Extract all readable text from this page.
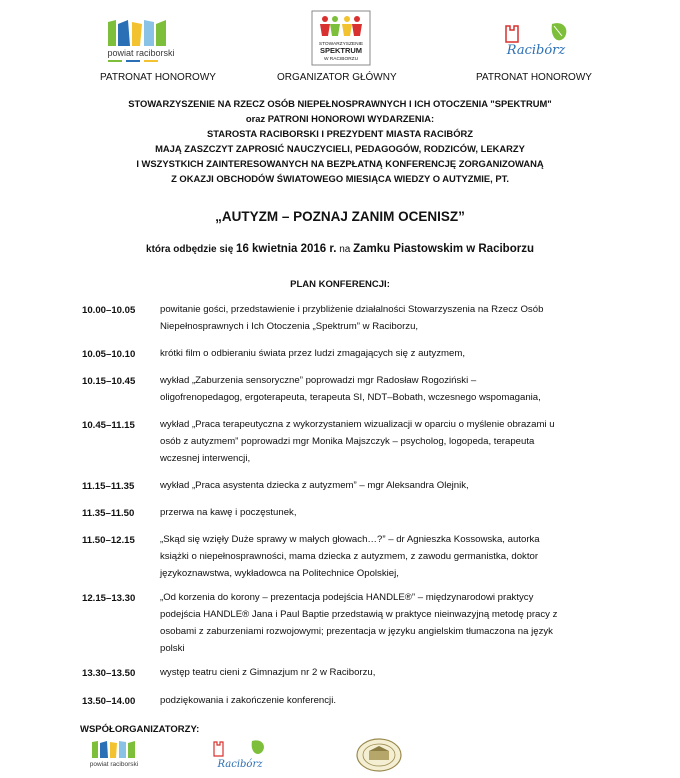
powiat raciborski
STOWARZYSZENIE
SPEKTRUM
W RACIBORZU
Racibórz
PATRONAT HONOROWY	ORGANIZATOR GŁÓWNY	PATRONAT HONOROWY
STOWARZYSZENIE NA RZECZ OSÓB NIEPEŁNOSPRAWNYCH I ICH OTOCZENIA "SPEKTRUM"
oraz PATRONI HONOROWI WYDARZENIA:
STAROSTA RACIBORSKI I PREZYDENT MIASTA RACIBÓRZ
MAJĄ ZASZCZYT ZAPROSIĆ NAUCZYCIELI, PEDAGOGÓW, RODZICÓW, LEKARZY
I WSZYSTKICH ZAINTERESOWANYCH NA BEZPŁATNĄ KONFERENCJĘ ZORGANIZOWANĄ
Z OKAZJI OBCHODÓW ŚWIATOWEGO MIESIĄCA WIEDZY O AUTYZMIE, PT.
„AUTYZM – POZNAJ ZANIM OCENISZ”
która odbędzie się 16 kwietnia 2016 r. na Zamku Piastowskim w Raciborzu
PLAN KONFERENCJI:
10.00–10.05	powitanie gości, przedstawienie i przybliżenie działalności Stowarzyszenia na Rzecz Osób
Niepełnosprawnych i Ich Otoczenia „Spektrum” w Raciborzu,
10.05–10.10	krótki film o odbieraniu świata przez ludzi zmagających się z autyzmem,
10.15–10.45	wykład „Zaburzenia sensoryczne” poprowadzi mgr Radosław Rogoziński –
oligofrenopedagog, ergoterapeuta, terapeuta SI, NDT–Bobath, wczesnego wspomagania,
10.45–11.15	wykład „Praca terapeutyczna z wykorzystaniem wizualizacji w oparciu o myślenie obrazami u
osób z autyzmem” poprowadzi mgr Monika Majszczyk – psycholog, logopeda, terapeuta
wczesnej interwencji,
11.15–11.35	wykład „Praca asystenta dziecka z autyzmem” – mgr Aleksandra Olejnik,
11.35–11.50	przerwa na kawę i poczęstunek,
11.50–12.15	„Skąd się wzięły Duże sprawy w małych głowach…?” – dr Agnieszka Kossowska, autorka
książki o niepełnosprawności, mama dziecka z autyzmem, z zawodu germanistka, doktor
językoznawstwa, wykładowca na Politechnice Opolskiej,
12.15–13.30	„Od korzenia do korony – prezentacja podejścia HANDLE®” – międzynarodowi praktycy
podejścia HANDLE® Jana i Paul Baptie przedstawią w praktyce nieinwazyjną metodę pracy z
osobami z zaburzeniami rozwojowymi; prezentacja w języku angielskim tłumaczona na język
polski
13.30–13.50	występ teatru cieni z Gimnazjum nr 2 w Raciborzu,
13.50–14.00	podziękowania i zakończenie konferencji.
WSPÓŁORGANIZATORZY:
powiat raciborski	Racibórz
